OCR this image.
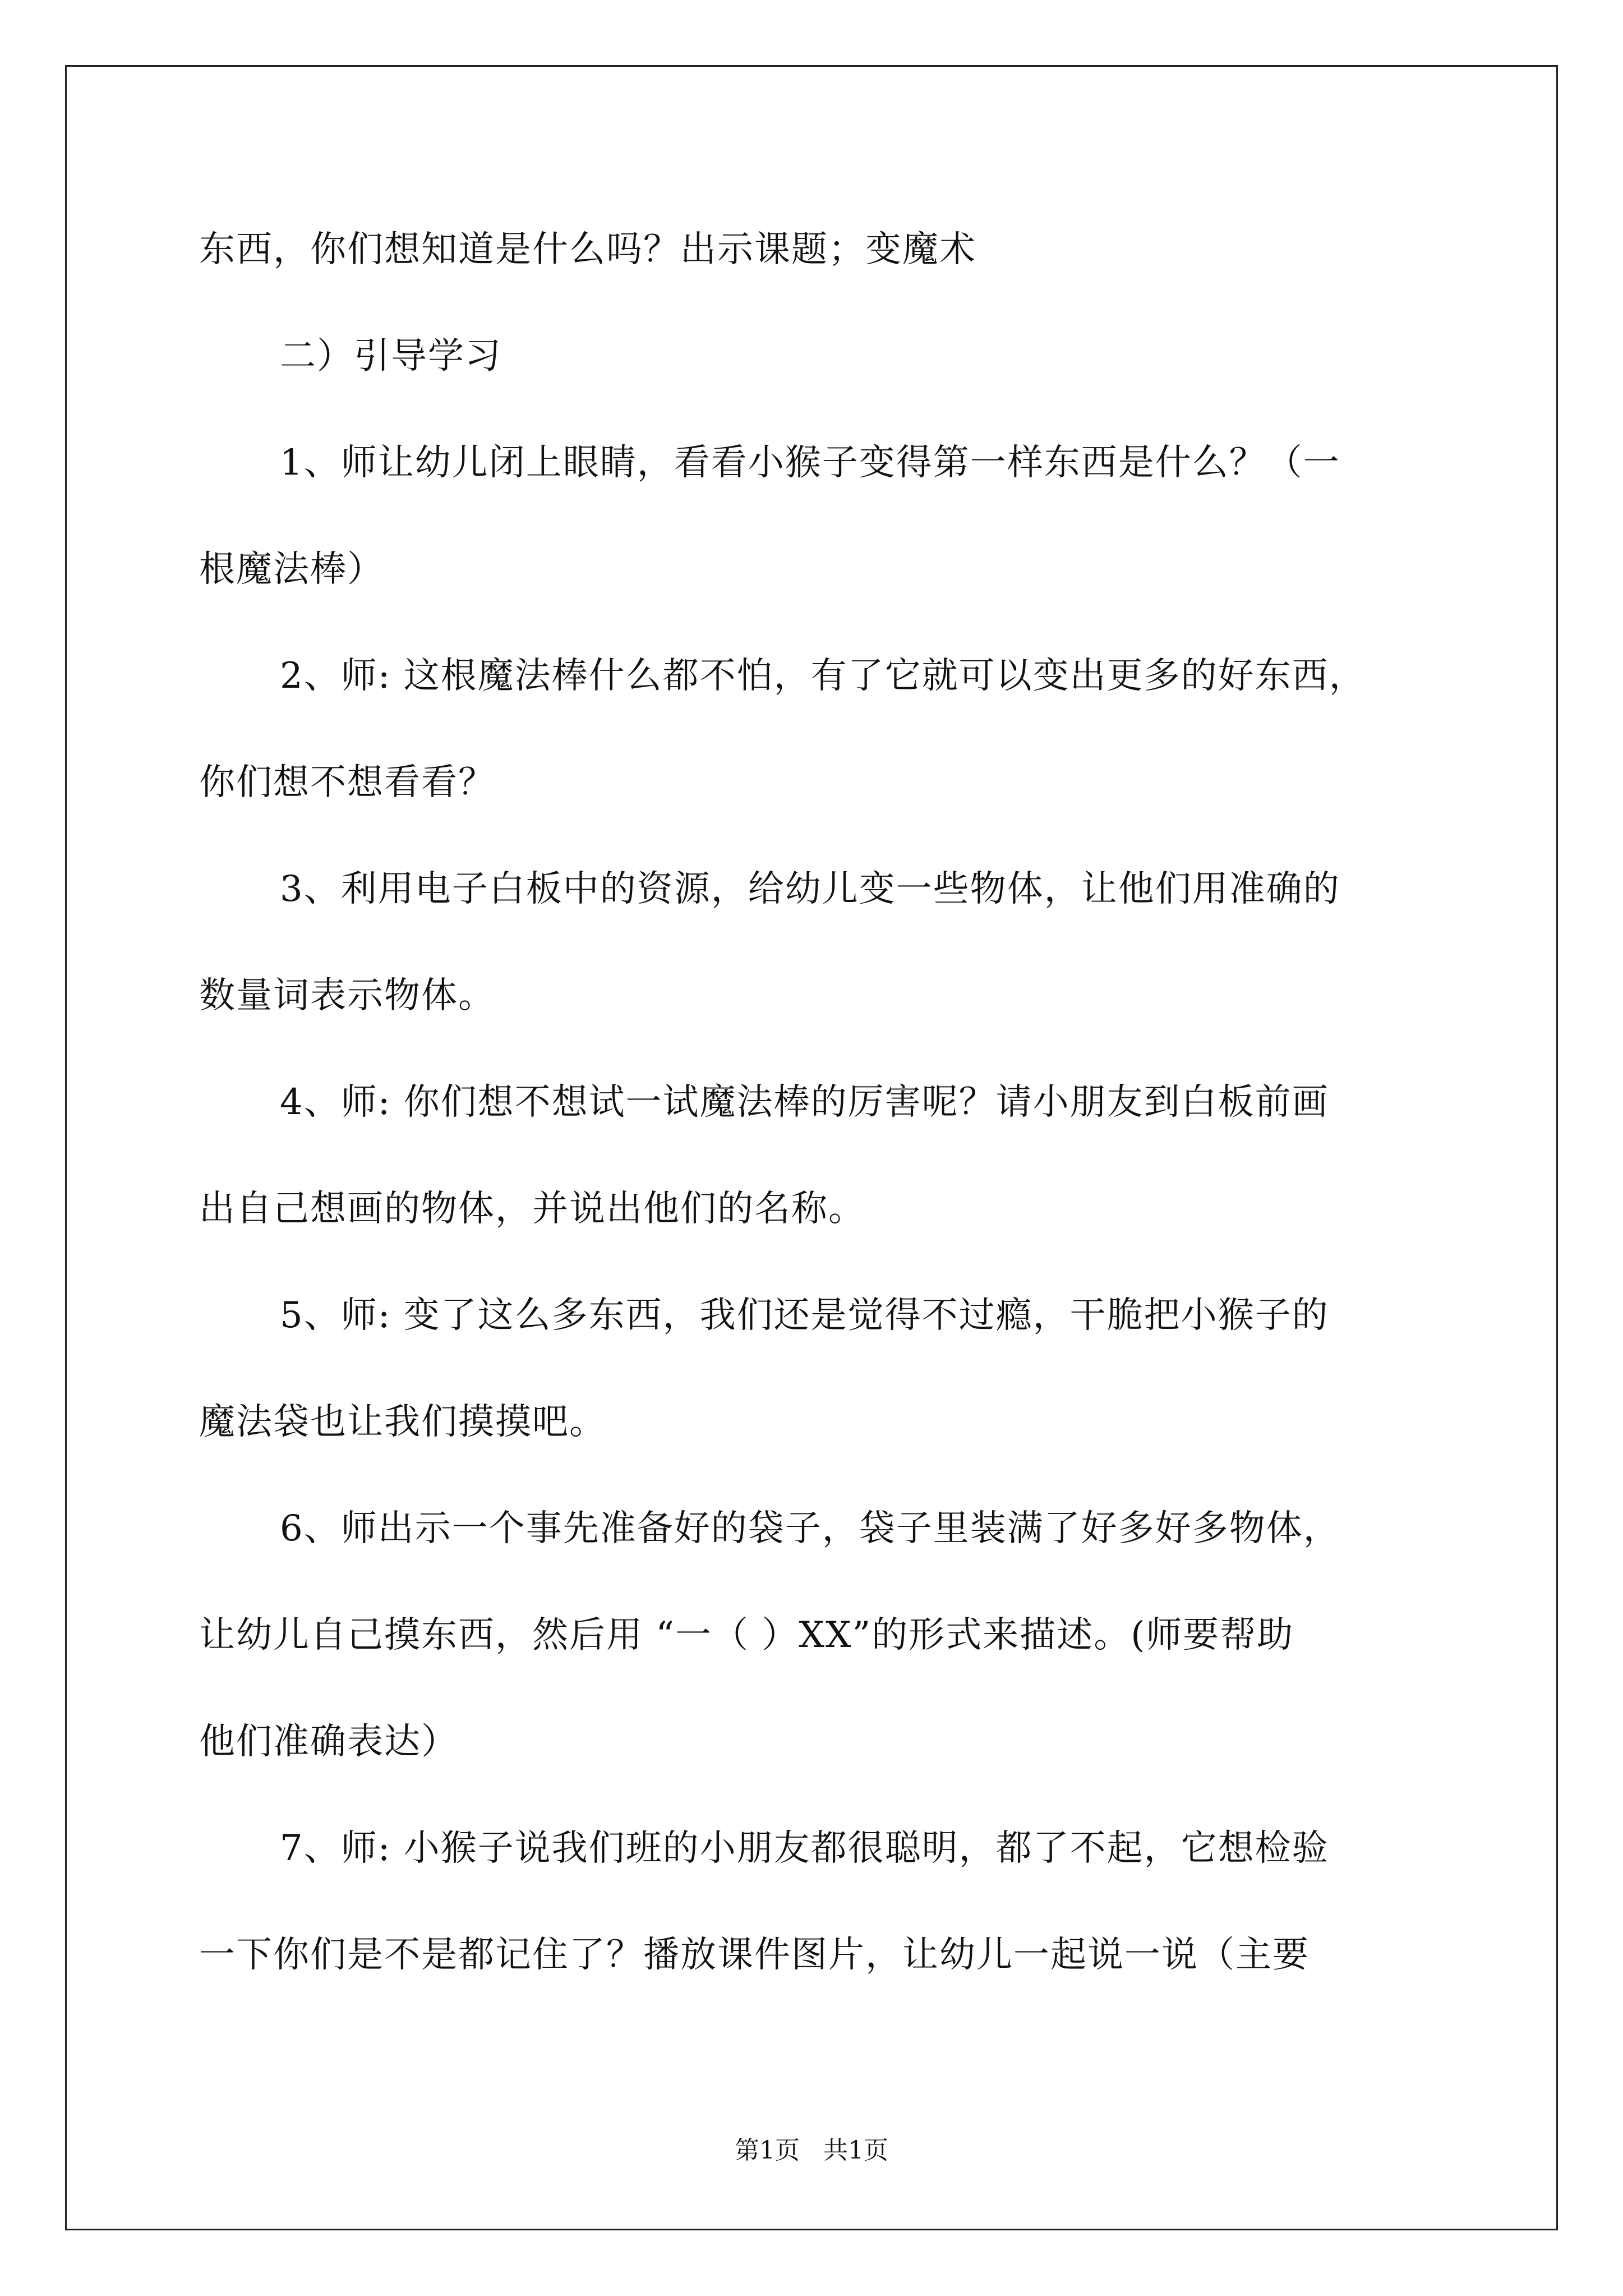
东西，你们想知道是什么吗？出示课题；变魔术
二）引导学习
1、师让幼儿闭上眼睛，看看小猴子变得第一样东西是什么？（一
根魔法棒）
2、师: 这根魔法棒什么都不怕，有了它就可以变出更多的好东西，
你们想不想看看？
3、利用电子白板中的资源，给幼儿变一些物体，让他们用准确的
数量词表示物体。
4、师: 你们想不想试一试魔法棒的厉害呢？请小朋友到白板前画
出自己想画的物体，并说出他们的名称。
5、师: 变了这么多东西，我们还是觉得不过瘾，干脆把小猴子的
魔法袋也让我们摸摸吧。
6、师出示一个事先准备好的袋子，袋子里装满了好多好多物体，
让幼儿自己摸东西，然后用 “一（ ）XX”的形式来描述。(师要帮助
他们准确表达）
7、师: 小猴子说我们班的小朋友都很聪明，都了不起，它想检验
一下你们是不是都记住了？播放课件图片，让幼儿一起说一说（主要
第1页   共1页
